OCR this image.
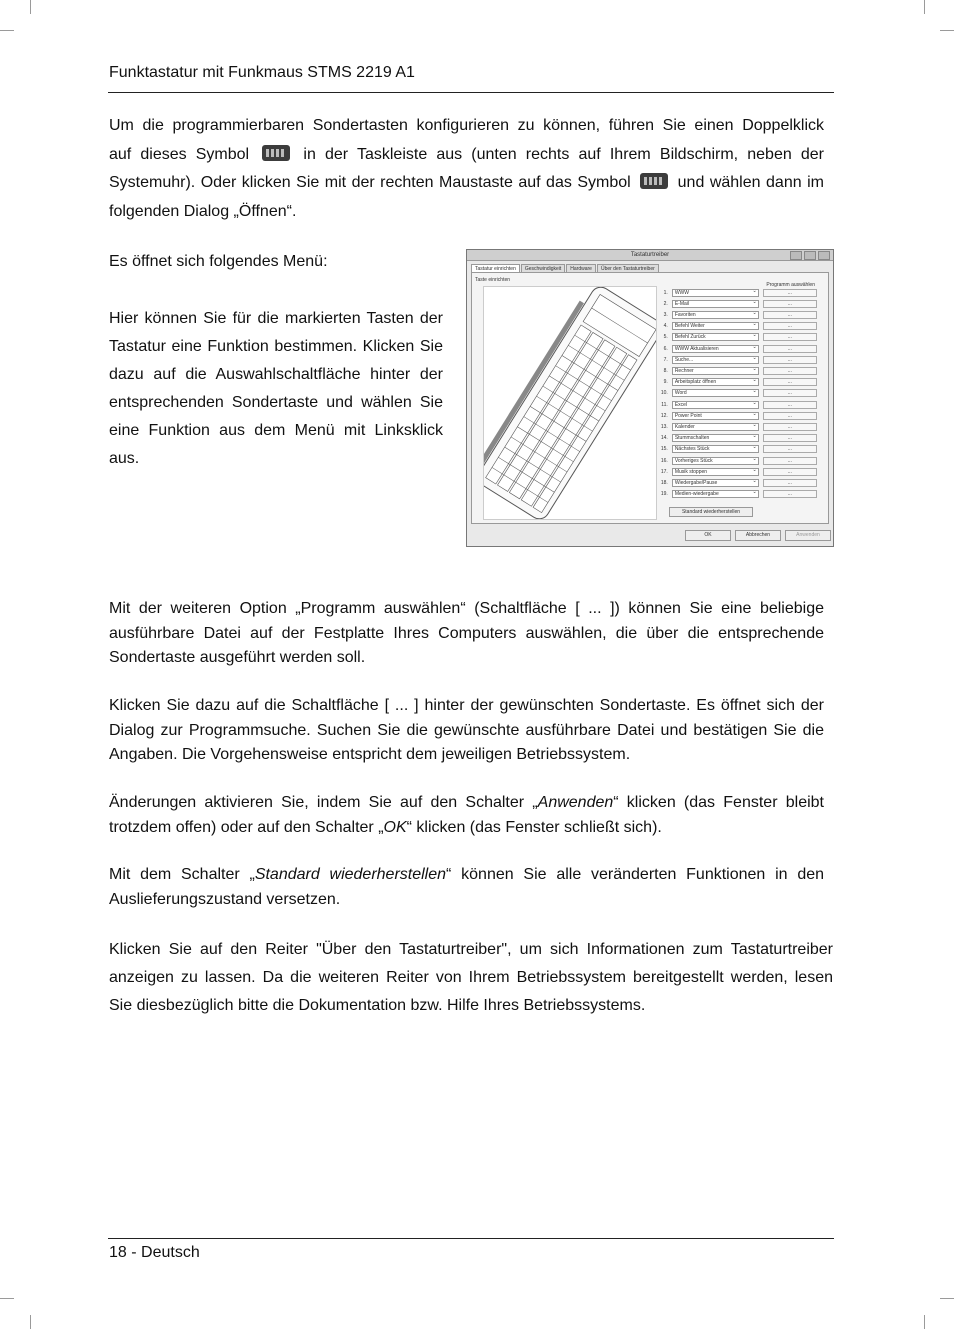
Funktastatur mit Funkmaus STMS 2219 A1
Um die programmierbaren Sondertasten konfigurieren zu können, führen Sie einen Doppelklick
auf dieses Symbol	in der Taskleiste aus (unten rechts auf Ihrem Bildschirm, neben der
Systemuhr). Oder klicken Sie mit der rechten Maustaste auf das Symbol	und wählen dann im
folgenden Dialog „Öffnen“.
Es öffnet sich folgendes Menü:
Hier können Sie für die markierten Tasten der
Tastatur eine Funktion bestimmen. Klicken Sie
dazu auf die Auswahlschaltfläche hinter der
entsprechenden Sondertaste und wählen Sie
eine Funktion aus dem Menü mit Linksklick
aus.
Tastaturtreiber
Tastatur einrichten	Geschwindigkeit	Hardware	Über den Tastaturtreiber
Taste einrichten
Programm auswählen
1.	WWW ⌄	...
2.	E-Mail ⌄	...
3.	Favoriten ⌄	...
4.	Befehl Weiter ⌄	...
5.	Befehl Zurück ⌄	...
6.	WWW Aktualisieren ⌄	...
7.	Suche... ⌄	...
8.	Rechner ⌄	...
9.	Arbeitsplatz öffnen ⌄	...
10.	Word ⌄	...
11.	Excel ⌄	...
12.	Power Point ⌄	...
13.	Kalender ⌄	...
14.	Stummschalten ⌄	...
15.	Nächstes Stück ⌄	...
16.	Vorheriges Stück ⌄	...
17.	Musik stoppen ⌄	...
18.	Wiedergabe/Pause ⌄	...
19.	Medien-wiedergabe ⌄	...
Standard wiederherstellen
OK	Abbrechen	Anwenden
Mit der weiteren Option „Programm auswählen“ (Schaltfläche [ ... ]) können Sie eine beliebige
ausführbare Datei auf der Festplatte Ihres Computers auswählen, die über die entsprechende
Sondertaste ausgeführt werden soll.
Klicken Sie dazu auf die Schaltfläche [ ... ] hinter der gewünschten Sondertaste. Es öffnet sich der
Dialog zur Programmsuche. Suchen Sie die gewünschte ausführbare Datei und bestätigen Sie die
Angaben. Die Vorgehensweise entspricht dem jeweiligen Betriebssystem.
Änderungen aktivieren Sie, indem Sie auf den Schalter „Anwenden“ klicken (das Fenster bleibt
trotzdem offen) oder auf den Schalter „OK“ klicken (das Fenster schließt sich).
Mit dem Schalter „Standard wiederherstellen“ können Sie alle veränderten Funktionen in den
Auslieferungszustand versetzen.
Klicken Sie auf den Reiter "Über den Tastaturtreiber", um sich Informationen zum Tastaturtreiber
anzeigen zu lassen. Da die weiteren Reiter von Ihrem Betriebssystem bereitgestellt werden, lesen
Sie diesbezüglich bitte die Dokumentation bzw. Hilfe Ihres Betriebssystems.
18 - Deutsch
